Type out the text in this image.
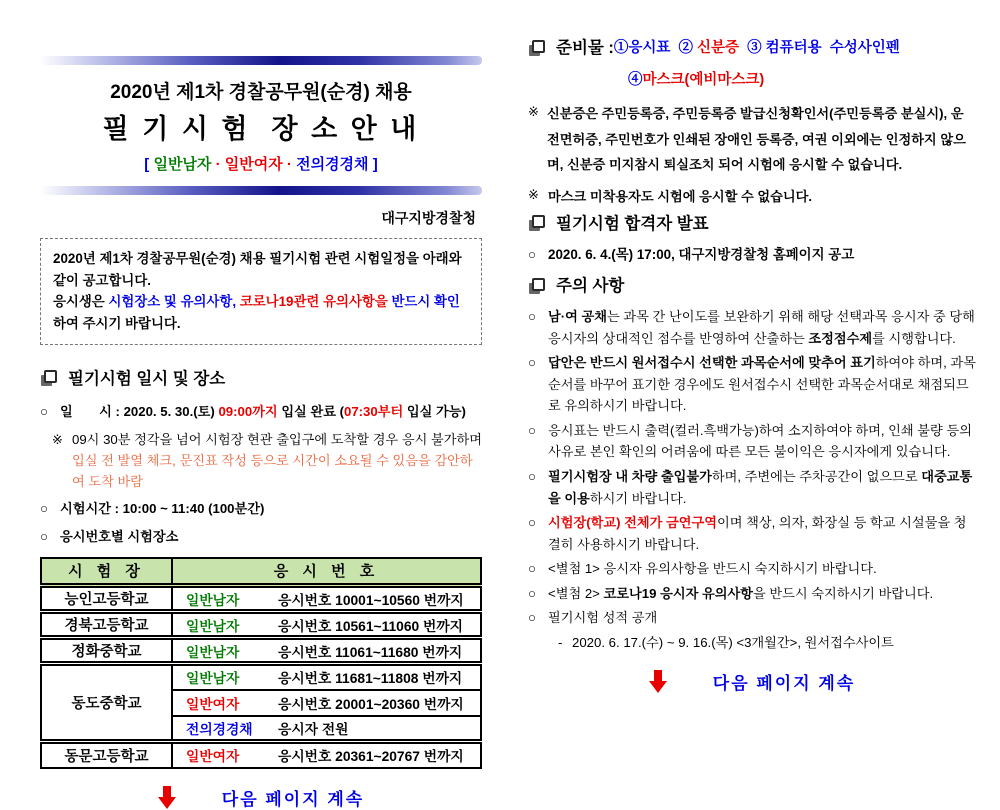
2020년 제1차 경찰공무원(순경) 채용
필 기 시 험  장 소 안 내
[ 일반남자 · 일반여자 · 전의경경채 ]
대구지방경찰청

2020년 제1차 경찰공무원(순경) 채용 필기시험 관련 시험일정을 아래와 같이 공고합니다.

응시생은 시험장소 및 유의사항, 코로나19관련 유의사항을 반드시 확인하여 주시기 바랍니다.

필기시험 일시 및 장소
○ 일　　시 : 2020. 5. 30.(토) 09:00까지 입실 완료 (07:30부터 입실 가능)
※ 09시 30분 정각을 넘어 시험장 현관 출입구에 도착할 경우 응시 불가하며 입실 전 발열 체크, 문진표 작성 등으로 시간이 소요될 수 있음을 감안하여 도착 바람
○ 시험시간 : 10:00 ~ 11:40 (100분간)
○ 응시번호별 시험장소
시 험 장	응 시 번 호
능인고등학교	일반남자 응시번호 10001~10560 번까지
경북고등학교	일반남자 응시번호 10561~11060 번까지
정화중학교	일반남자 응시번호 11061~11680 번까지
동도중학교	일반남자 응시번호 11681~11808 번까지
	일반여자 응시번호 20001~20360 번까지
	전의경경채 응시자 전원
동문고등학교	일반여자 응시번호 20361~20767 번까지
다음 페이지 계속
준비물 : ①응시표  ② 신분증  ③ 컴퓨터용  수성사인펜
④마스크(예비마스크)
※ 신분증은 주민등록증, 주민등록증 발급신청확인서(주민등록증 분실시), 운전면허증, 주민번호가 인쇄된 장애인 등록증, 여권 이외에는 인정하지 않으며, 신분증 미지참시 퇴실조치 되어 시험에 응시할 수 없습니다.
※ 마스크 미착용자도 시험에 응시할 수 없습니다.
필기시험 합격자 발표
○ 2020. 6. 4.(목) 17:00, 대구지방경찰청 홈페이지 공고
주의 사항
○ 남·여 공채는 과목 간 난이도를 보완하기 위해 해당 선택과목 응시자 중 당해 응시자의 상대적인 점수를 반영하여 산출하는 조정점수제를 시행합니다.
○ 답안은 반드시 원서접수시 선택한 과목순서에 맞추어 표기하여야 하며, 과목순서를 바꾸어 표기한 경우에도 원서접수시 선택한 과목순서대로 채점되므로 유의하시기 바랍니다.
○ 응시표는 반드시 출력(컬러.흑백가능)하여 소지하여야 하며, 인쇄 불량 등의 사유로 본인 확인의 어려움에 따른 모든 불이익은 응시자에게 있습니다.
○ 필기시험장 내 차량 출입불가하며, 주변에는 주차공간이 없으므로 대중교통을 이용하시기 바랍니다.
○ 시험장(학교) 전체가 금연구역이며 책상, 의자, 화장실 등 학교 시설물을 청결히 사용하시기 바랍니다.
○ <별첨 1> 응시자 유의사항을 반드시 숙지하시기 바랍니다.
○ <별첨 2> 코로나19 응시자 유의사항을 반드시 숙지하시기 바랍니다.
○ 필기시험 성적 공개
- 2020. 6. 17.(수) ~ 9. 16.(목) <3개월간>, 원서접수사이트
다음 페이지 계속
